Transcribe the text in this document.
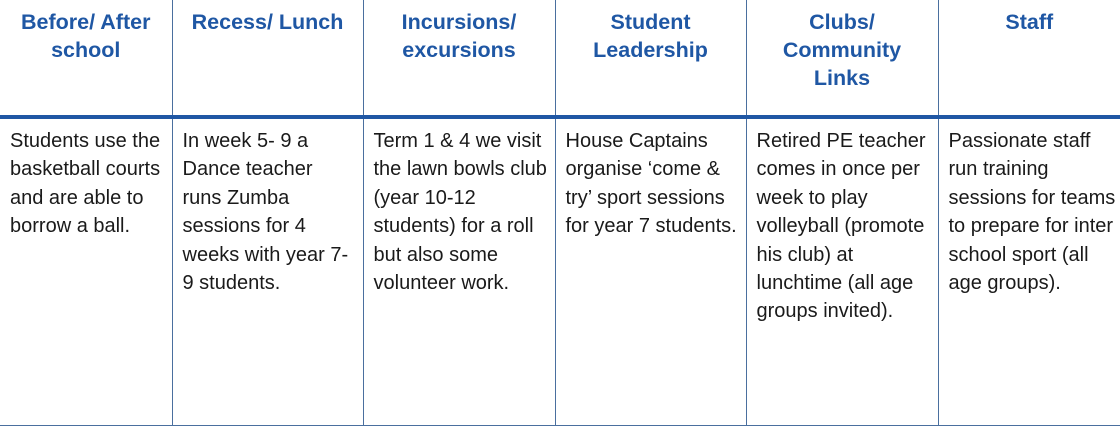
Before/ After school	Recess/ Lunch	Incursions/ excursions	Student Leadership	Clubs/ Community Links	Staff
Students use the basketball courts and are able to borrow a ball.	In week 5- 9 a Dance teacher runs Zumba sessions for 4 weeks with year 7-9 students.	Term 1 & 4 we visit the lawn bowls club (year 10-12 students) for a roll but also some volunteer work.	House Captains organise ‘come & try’ sport sessions for year 7 students.	Retired PE teacher comes in once per week to play volleyball (promote his club) at lunchtime (all age groups invited).	Passionate staff run training sessions for teams to prepare for inter school sport (all age groups).
